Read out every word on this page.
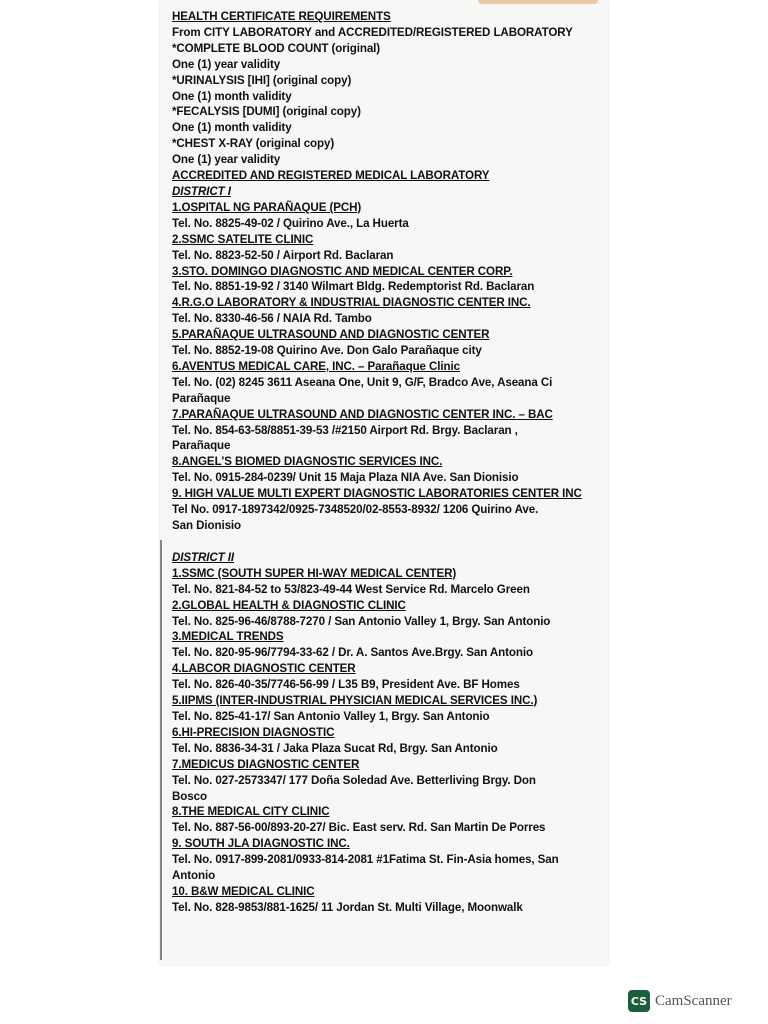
HEALTH CERTIFICATE REQUIREMENTS
From CITY LABORATORY and ACCREDITED/REGISTERED LABORATORY
*COMPLETE BLOOD COUNT (original)
One (1) year validity
*URINALYSIS [IHI] (original copy)
One (1) month validity
*FECALYSIS [DUMI] (original copy)
One (1) month validity
*CHEST X-RAY (original copy)
One (1) year validity
ACCREDITED AND REGISTERED MEDICAL LABORATORY
DISTRICT I
1.OSPITAL NG PARAÑAQUE (PCH)
Tel. No. 8825-49-02 / Quirino Ave., La Huerta
2.SSMC SATELITE CLINIC
Tel. No. 8823-52-50 / Airport Rd. Baclaran
3.STO. DOMINGO DIAGNOSTIC AND MEDICAL CENTER CORP.
Tel. No. 8851-19-92 / 3140 Wilmart Bldg. Redemptorist Rd. Baclaran
4.R.G.O LABORATORY & INDUSTRIAL DIAGNOSTIC CENTER INC.
Tel. No. 8330-46-56 / NAIA Rd. Tambo
5.PARAÑAQUE ULTRASOUND AND DIAGNOSTIC CENTER
Tel. No. 8852-19-08 Quirino Ave. Don Galo Parañaque city
6.AVENTUS MEDICAL CARE, INC. – Parañaque Clinic
Tel. No. (02) 8245 3611 Aseana One, Unit 9, G/F, Bradco Ave, Aseana Ci
Parañaque
7.PARAÑAQUE ULTRASOUND AND DIAGNOSTIC CENTER INC. – BAC
Tel. No. 854-63-58/8851-39-53 /#2150 Airport Rd. Brgy. Baclaran ,
Parañaque
8.ANGEL'S BIOMED DIAGNOSTIC SERVICES INC.
Tel. No. 0915-284-0239/ Unit 15 Maja Plaza NIA Ave. San Dionisio
9. HIGH VALUE MULTI EXPERT DIAGNOSTIC LABORATORIES CENTER INC
Tel No. 0917-1897342/0925-7348520/02-8553-8932/ 1206 Quirino Ave.
San Dionisio
DISTRICT II
1.SSMC (SOUTH SUPER HI-WAY MEDICAL CENTER)
Tel. No. 821-84-52 to 53/823-49-44 West Service Rd. Marcelo Green
2.GLOBAL HEALTH & DIAGNOSTIC CLINIC
Tel. No. 825-96-46/8788-7270 / San Antonio Valley 1, Brgy. San Antonio
3.MEDICAL TRENDS
Tel. No. 820-95-96/7794-33-62 / Dr. A. Santos Ave.Brgy. San Antonio
4.LABCOR DIAGNOSTIC CENTER
Tel. No. 826-40-35/7746-56-99 / L35 B9, President Ave. BF Homes
5.IIPMS (INTER-INDUSTRIAL PHYSICIAN MEDICAL SERVICES INC.)
Tel. No. 825-41-17/ San Antonio Valley 1, Brgy. San Antonio
6.HI-PRECISION DIAGNOSTIC
Tel. No. 8836-34-31 / Jaka Plaza Sucat Rd, Brgy. San Antonio
7.MEDICUS DIAGNOSTIC CENTER
Tel. No. 027-2573347/ 177 Doña Soledad Ave. Betterliving Brgy. Don
Bosco
8.THE MEDICAL CITY CLINIC
Tel. No. 887-56-00/893-20-27/ Bic. East serv. Rd. San Martin De Porres
9. SOUTH JLA DIAGNOSTIC INC.
Tel. No. 0917-899-2081/0933-814-2081 #1Fatima St. Fin-Asia homes, San
Antonio
10. B&W MEDICAL CLINIC
Tel. No. 828-9853/881-1625/ 11 Jordan St. Multi Village, Moonwalk
CS CamScanner
